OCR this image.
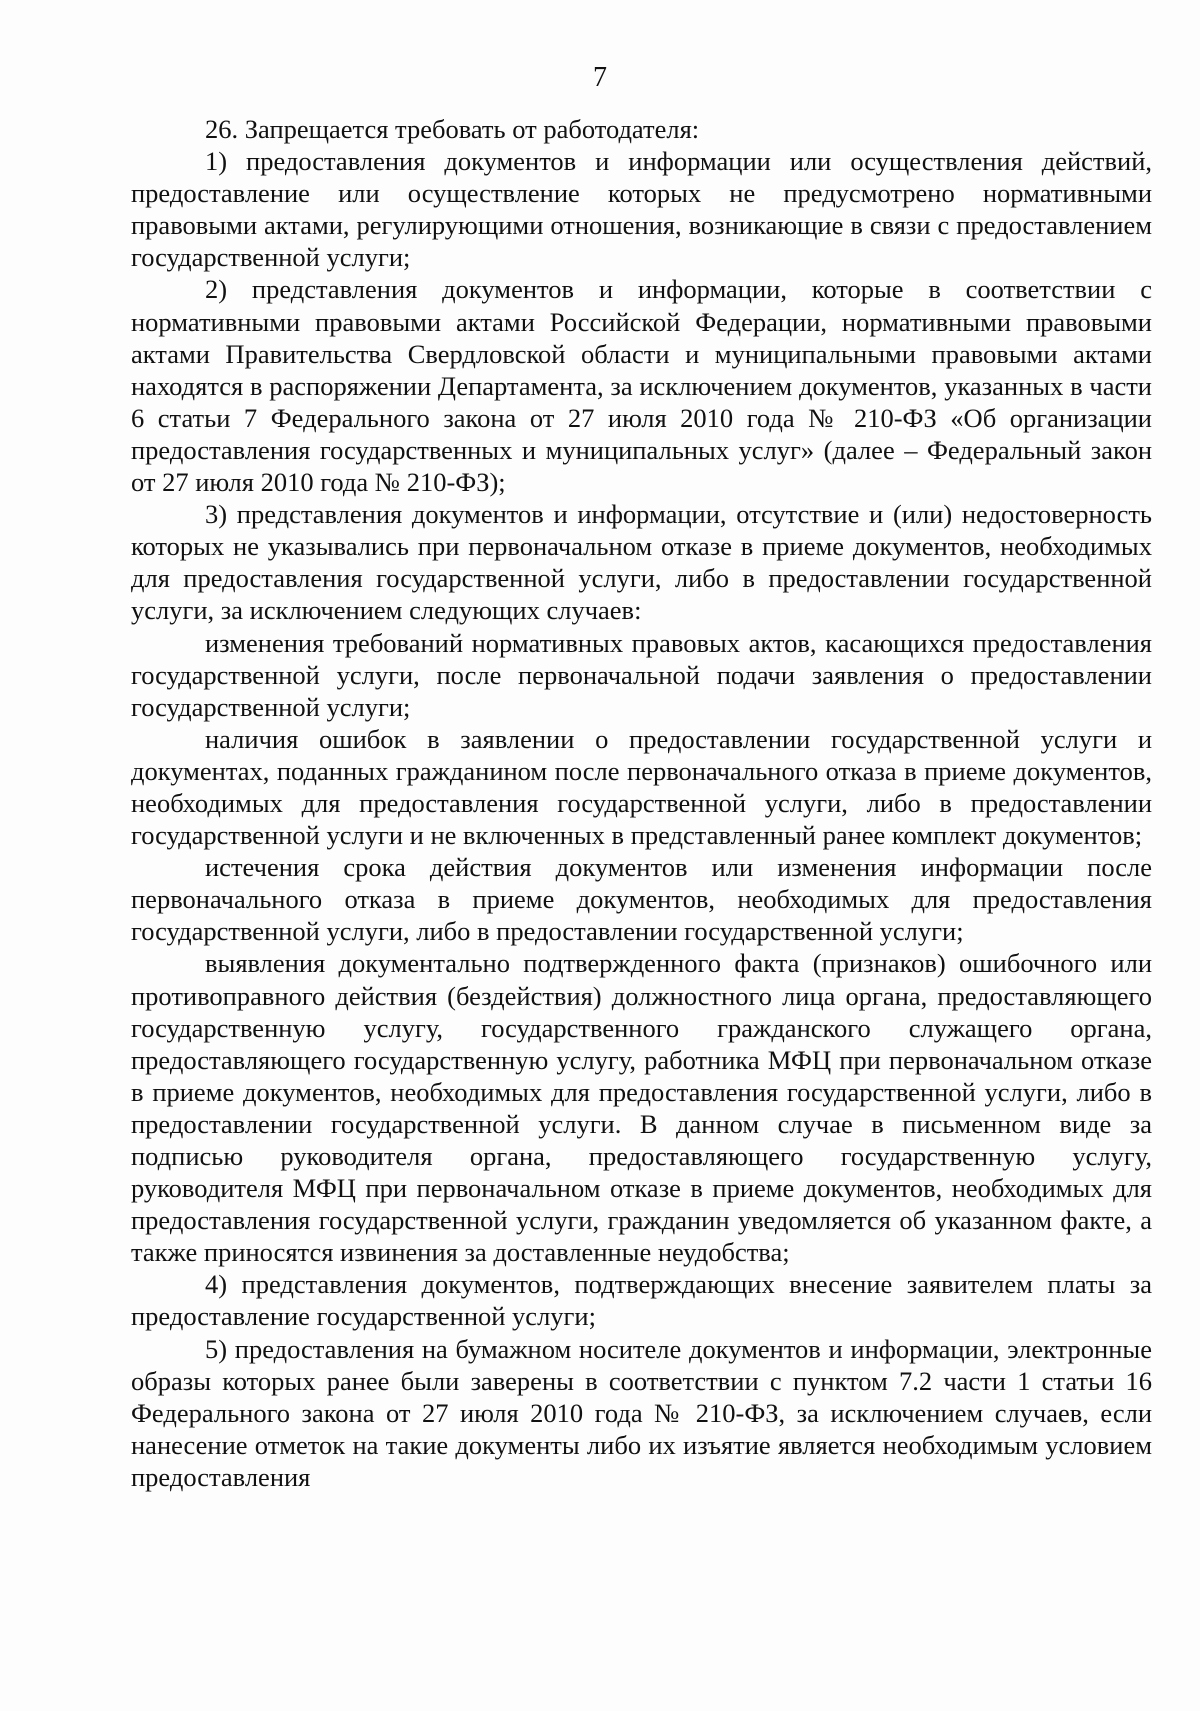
7

26. Запрещается требовать от работодателя:

1) предоставления документов и информации или осуществления действий, предоставление или осуществление которых не предусмотрено нормативными правовыми актами, регулирующими отношения, возникающие в связи с предоставлением государственной услуги;

2) представления документов и информации, которые в соответствии с нормативными правовыми актами Российской Федерации, нормативными правовыми актами Правительства Свердловской области и муниципальными правовыми актами находятся в распоряжении Департамента, за исключением документов, указанных в части 6 статьи 7 Федерального закона от 27 июля 2010 года № 210-ФЗ «Об организации предоставления государственных и муниципальных услуг» (далее – Федеральный закон от 27 июля 2010 года № 210-ФЗ);

3) представления документов и информации, отсутствие и (или) недостоверность которых не указывались при первоначальном отказе в приеме документов, необходимых для предоставления государственной услуги, либо в предоставлении государственной услуги, за исключением следующих случаев:

изменения требований нормативных правовых актов, касающихся предоставления государственной услуги, после первоначальной подачи заявления о предоставлении государственной услуги;

наличия ошибок в заявлении о предоставлении государственной услуги и документах, поданных гражданином после первоначального отказа в приеме документов, необходимых для предоставления государственной услуги, либо в предоставлении государственной услуги и не включенных в представленный ранее комплект документов;

истечения срока действия документов или изменения информации после первоначального отказа в приеме документов, необходимых для предоставления государственной услуги, либо в предоставлении государственной услуги;

выявления документально подтвержденного факта (признаков) ошибочного или противоправного действия (бездействия) должностного лица органа, предоставляющего государственную услугу, государственного гражданского служащего органа, предоставляющего государственную услугу, работника МФЦ при первоначальном отказе в приеме документов, необходимых для предоставления государственной услуги, либо в предоставлении государственной услуги. В данном случае в письменном виде за подписью руководителя органа, предоставляющего государственную услугу, руководителя МФЦ при первоначальном отказе в приеме документов, необходимых для предоставления государственной услуги, гражданин уведомляется об указанном факте, а также приносятся извинения за доставленные неудобства;

4) представления документов, подтверждающих внесение заявителем платы за предоставление государственной услуги;

5) предоставления на бумажном носителе документов и информации, электронные образы которых ранее были заверены в соответствии с пунктом 7.2 части 1 статьи 16 Федерального закона от 27 июля 2010 года № 210-ФЗ, за исключением случаев, если нанесение отметок на такие документы либо их изъятие является необходимым условием предоставления
